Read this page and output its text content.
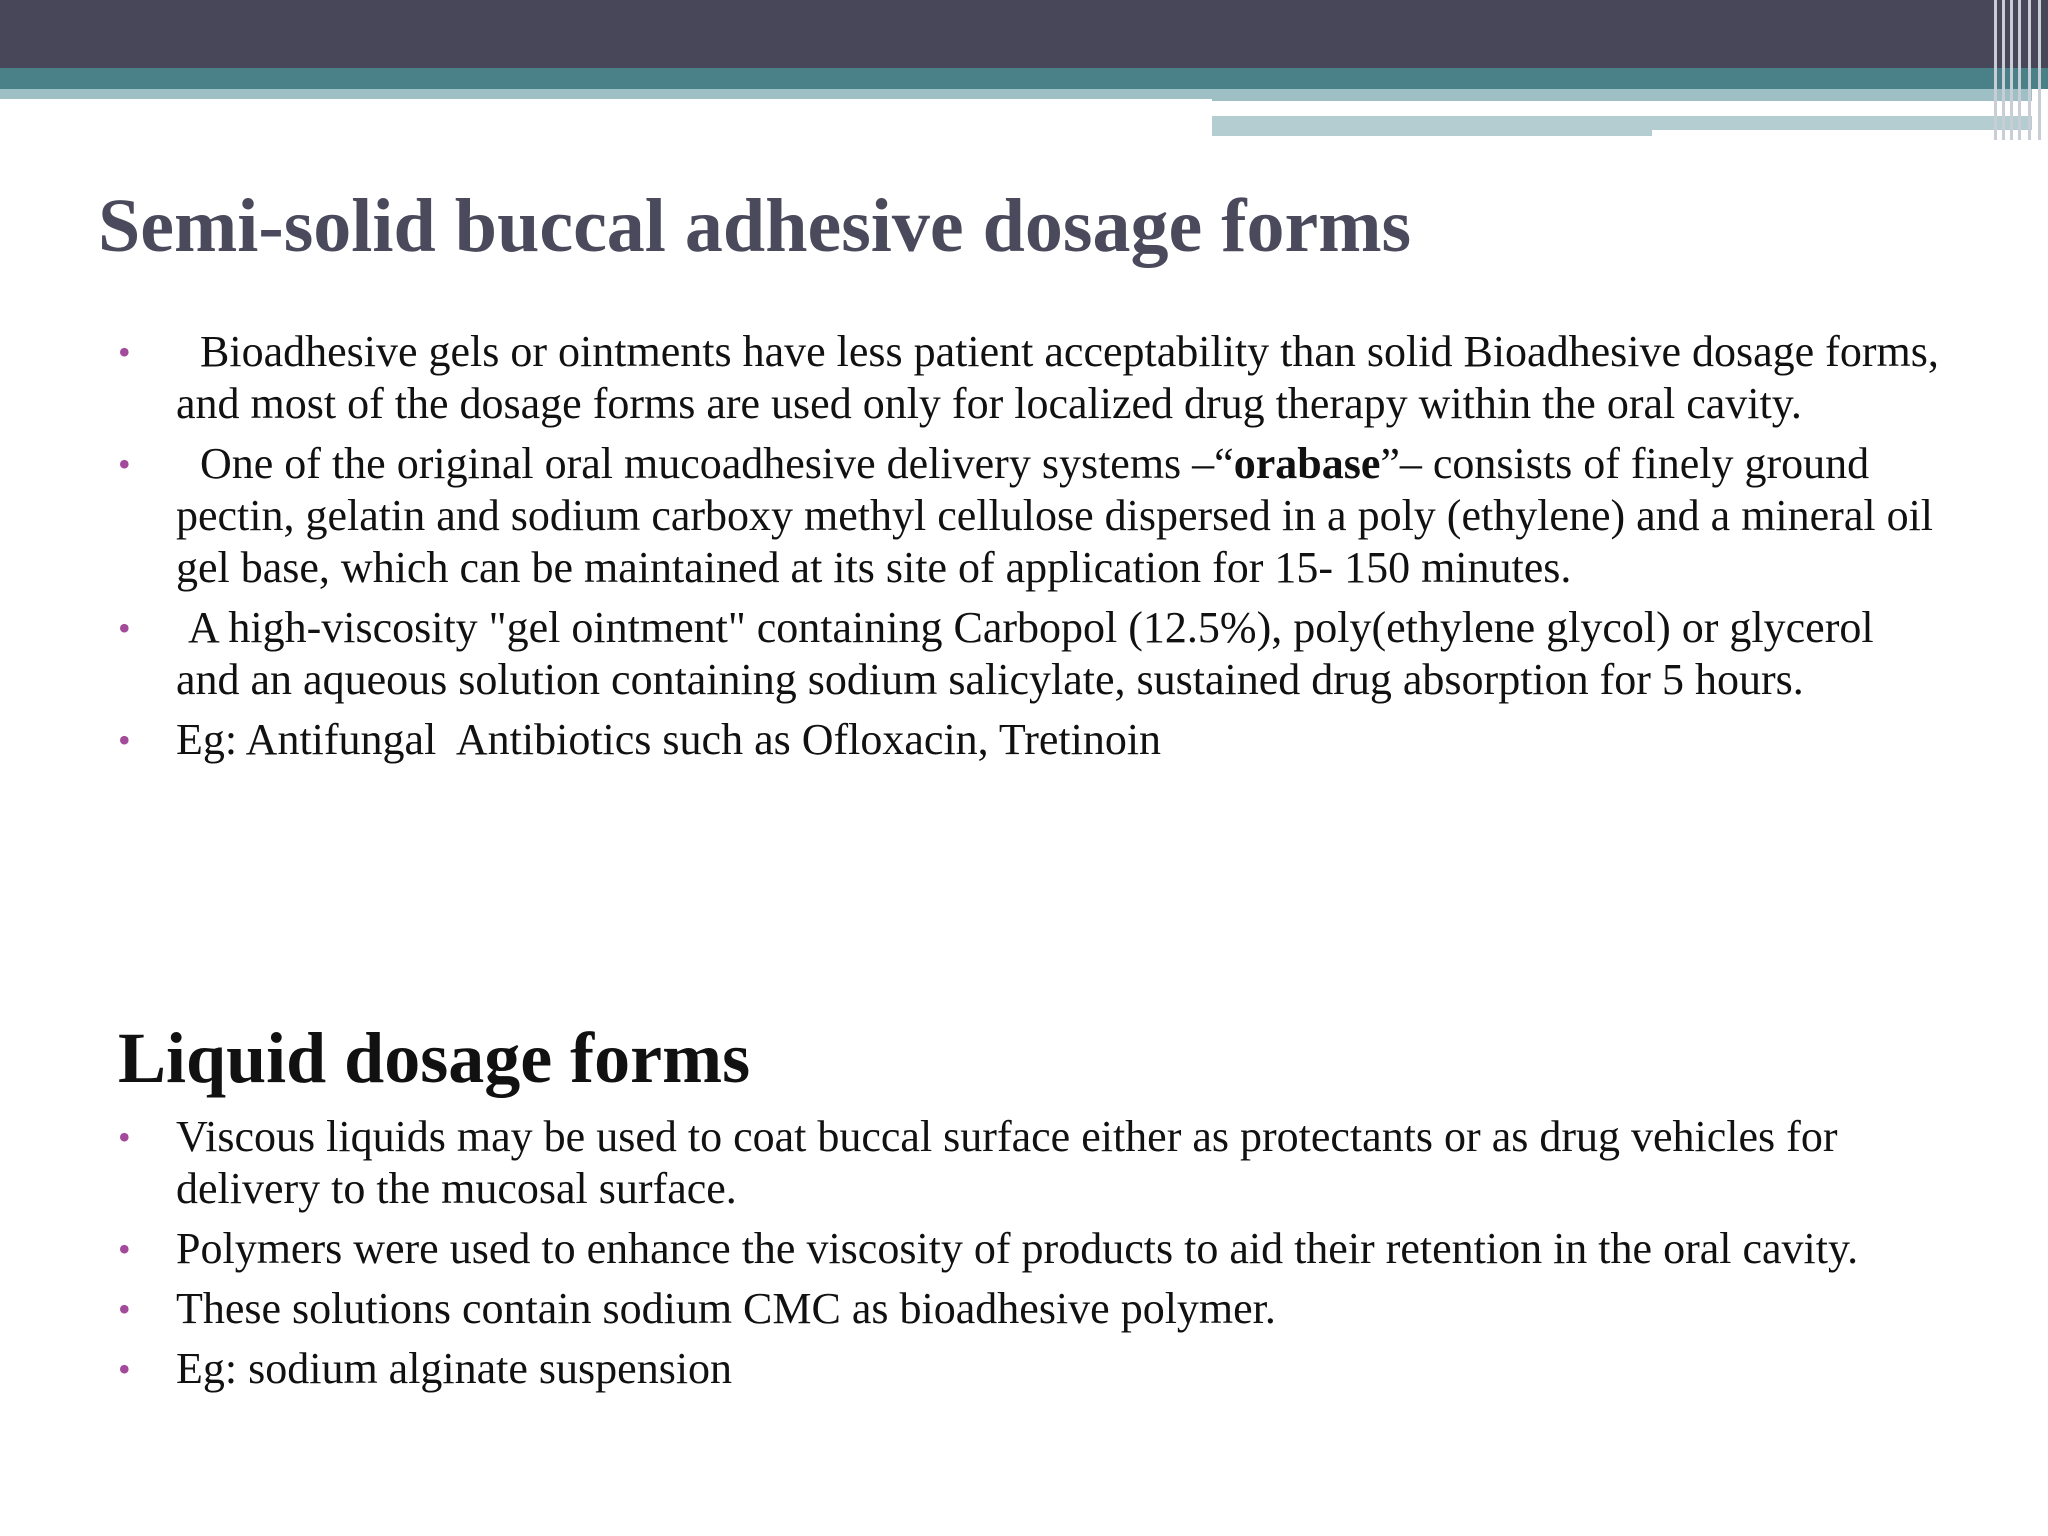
Semi-solid buccal adhesive dosage forms
• Bioadhesive gels or ointments have less patient acceptability than solid Bioadhesive dosage forms, and most of the dosage forms are used only for localized drug therapy within the oral cavity.
• One of the original oral mucoadhesive delivery systems –“orabase”– consists of finely ground pectin, gelatin and sodium carboxy methyl cellulose dispersed in a poly (ethylene) and a mineral oil gel base, which can be maintained at its site of application for 15- 150 minutes.
• A high-viscosity "gel ointment" containing Carbopol (12.5%), poly(ethylene glycol) or glycerol and an aqueous solution containing sodium salicylate, sustained drug absorption for 5 hours.
• Eg: Antifungal  Antibiotics such as Ofloxacin, Tretinoin
Liquid dosage forms
• Viscous liquids may be used to coat buccal surface either as protectants or as drug vehicles for delivery to the mucosal surface.
• Polymers were used to enhance the viscosity of products to aid their retention in the oral cavity.
• These solutions contain sodium CMC as bioadhesive polymer.
• Eg: sodium alginate suspension
